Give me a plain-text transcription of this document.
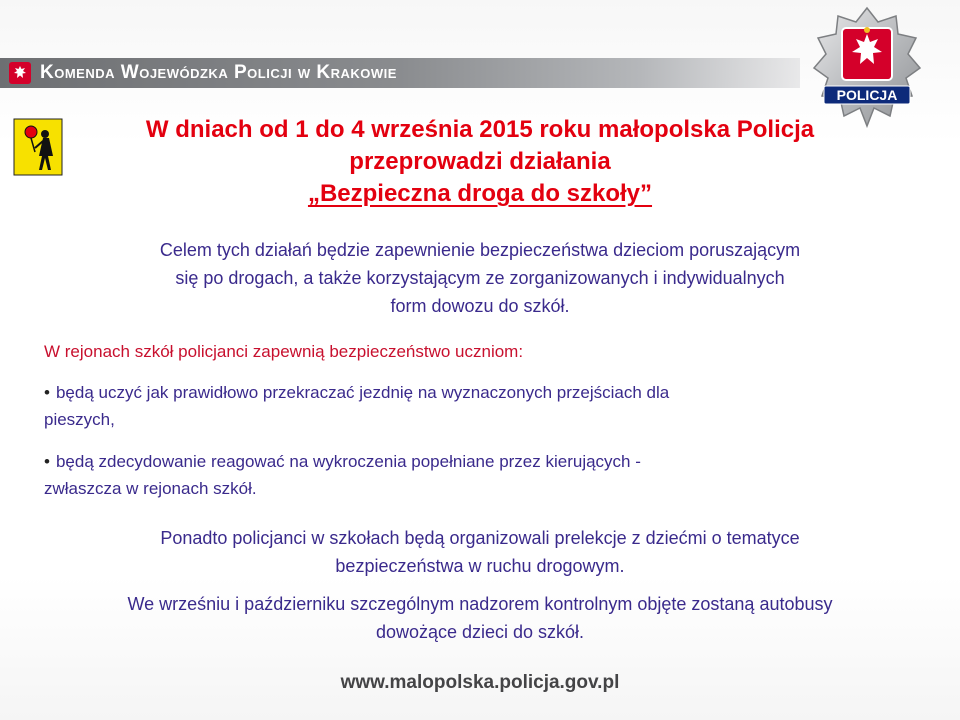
Komenda Wojewódzka Policji w Krakowie
POLICJA
W dniach od 1 do 4 września 2015 roku małopolska Policja
przeprowadzi działania
„Bezpieczna droga do szkoły”
Celem tych działań będzie zapewnienie bezpieczeństwa dzieciom poruszającym
się po drogach, a także korzystającym ze zorganizowanych i indywidualnych
form dowozu do szkół.
W rejonach szkół policjanci zapewnią bezpieczeństwo uczniom:
• będą uczyć jak prawidłowo przekraczać jezdnię na wyznaczonych przejściach dla
pieszych,
• będą zdecydowanie reagować na wykroczenia popełniane przez kierujących -
zwłaszcza w rejonach szkół.
Ponadto policjanci w szkołach będą organizowali prelekcje z dziećmi o tematyce
bezpieczeństwa w ruchu drogowym.
We wrześniu i październiku szczególnym nadzorem kontrolnym objęte zostaną autobusy
dowożące dzieci do szkół.
www.malopolska.policja.gov.pl
